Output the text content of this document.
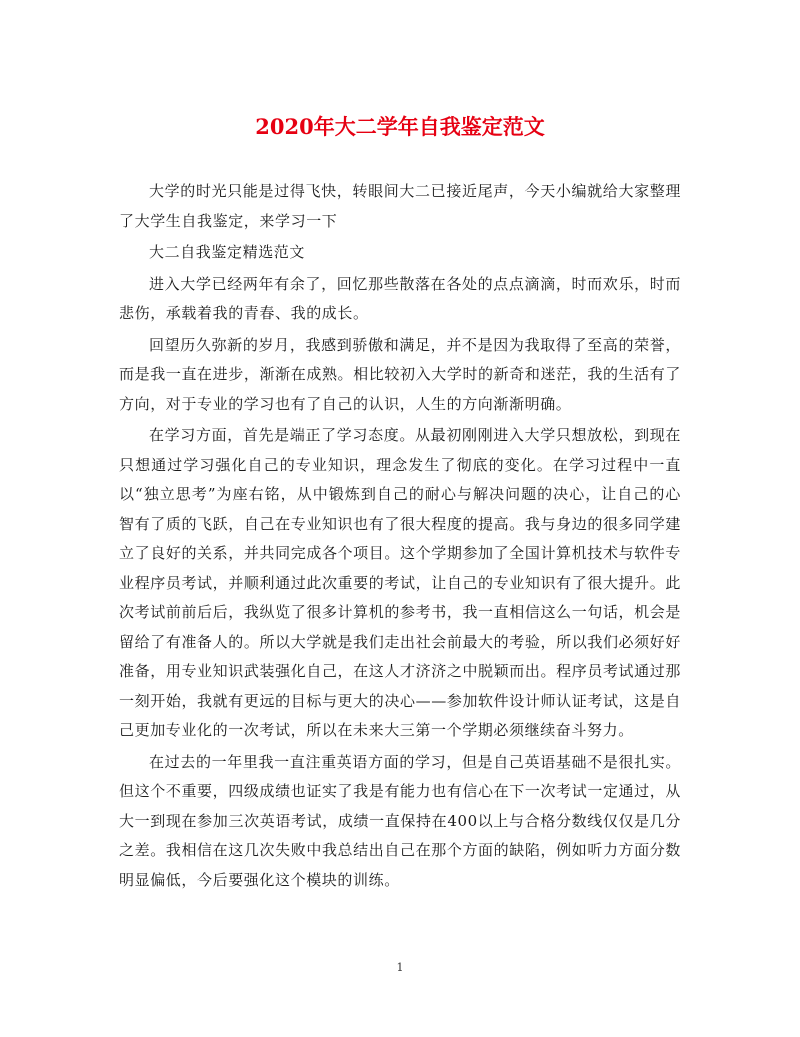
2020年大二学年自我鉴定范文

大学的时光只能是过得飞快，转眼间大二已接近尾声，今天小编就给大家整理了大学生自我鉴定，来学习一下

大二自我鉴定精选范文

进入大学已经两年有余了，回忆那些散落在各处的点点滴滴，时而欢乐，时而悲伤，承载着我的青春、我的成长。

回望历久弥新的岁月，我感到骄傲和满足，并不是因为我取得了至高的荣誉，而是我一直在进步，渐渐在成熟。相比较初入大学时的新奇和迷茫，我的生活有了方向，对于专业的学习也有了自己的认识，人生的方向渐渐明确。

在学习方面，首先是端正了学习态度。从最初刚刚进入大学只想放松，到现在只想通过学习强化自己的专业知识，理念发生了彻底的变化。在学习过程中一直以“独立思考”为座右铭，从中锻炼到自己的耐心与解决问题的决心，让自己的心智有了质的飞跃，自己在专业知识也有了很大程度的提高。我与身边的很多同学建立了良好的关系，并共同完成各个项目。这个学期参加了全国计算机技术与软件专业程序员考试，并顺利通过此次重要的考试，让自己的专业知识有了很大提升。此次考试前前后后，我纵览了很多计算机的参考书，我一直相信这么一句话，机会是留给了有准备人的。所以大学就是我们走出社会前最大的考验，所以我们必须好好准备，用专业知识武装强化自己，在这人才济济之中脱颖而出。程序员考试通过那一刻开始，我就有更远的目标与更大的决心——参加软件设计师认证考试，这是自己更加专业化的一次考试，所以在未来大三第一个学期必须继续奋斗努力。

在过去的一年里我一直注重英语方面的学习，但是自己英语基础不是很扎实。但这个不重要，四级成绩也证实了我是有能力也有信心在下一次考试一定通过，从大一到现在参加三次英语考试，成绩一直保持在400以上与合格分数线仅仅是几分之差。我相信在这几次失败中我总结出自己在那个方面的缺陷，例如听力方面分数明显偏低，今后要强化这个模块的训练。

1
